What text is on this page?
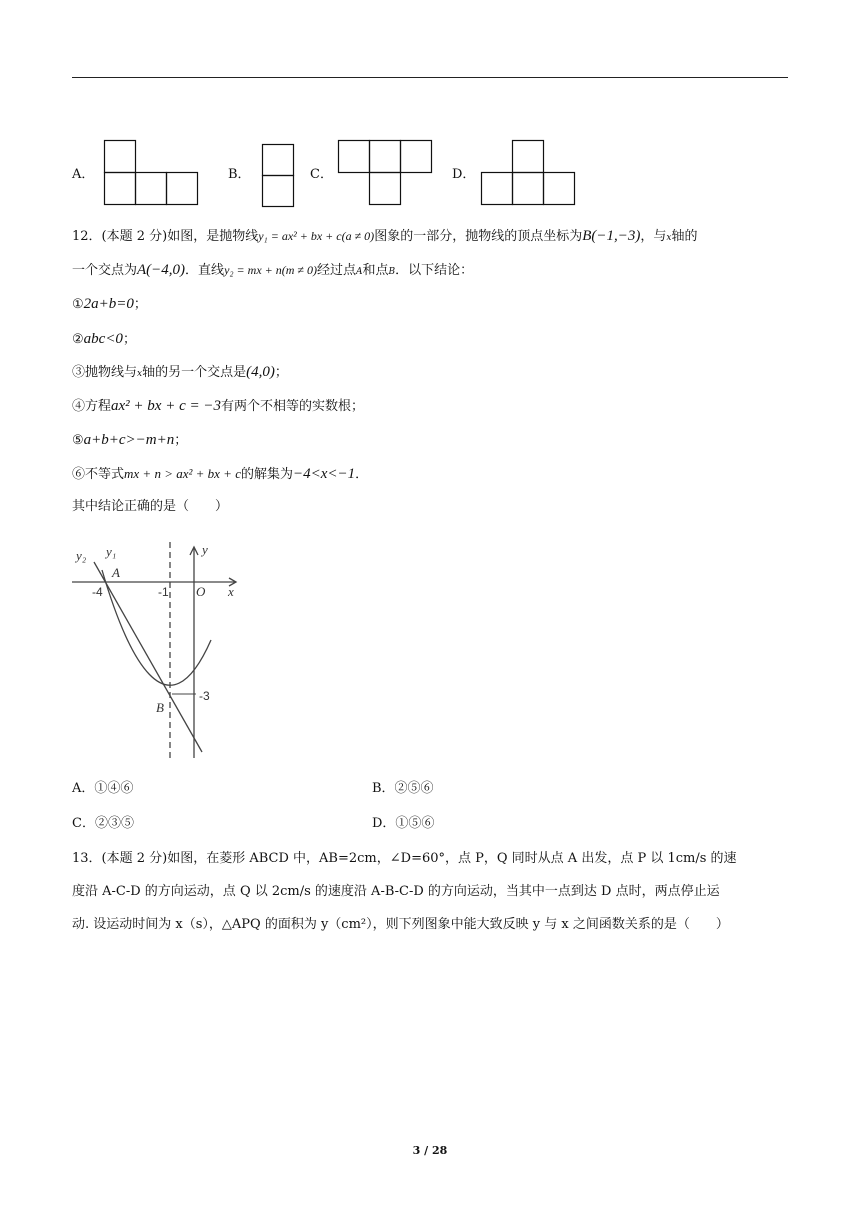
A．	B．	C．	D．
12．(本题 2 分)如图，是抛物线y₁ = ax² + bx + c(a ≠ 0)图象的一部分，抛物线的顶点坐标为B(−1,−3)，与x轴的
一个交点为A(−4,0)．直线y₂ = mx + n(m ≠ 0)经过点A和点B．以下结论：
①2a+b=0；
②abc<0；
③抛物线与x轴的另一个交点是(4,0)；
④方程ax² + bx + c = −3有两个不相等的实数根；
⑤a+b+c>−m+n；
⑥不等式mx + n > ax² + bx + c的解集为−4<x<−1．
其中结论正确的是（　　）
y₂ y₁
A
y
O x
B
-4	-1
-3
A．①④⑥	B．②⑤⑥
C．②③⑤	D．①⑤⑥
13．(本题 2 分)如图，在菱形 ABCD 中，AB=2cm，∠D=60°，点 P，Q 同时从点 A 出发，点 P 以 1cm/s 的速
度沿 A-C-D 的方向运动，点 Q 以 2cm/s 的速度沿 A-B-C-D 的方向运动，当其中一点到达 D 点时，两点停止运
动. 设运动时间为 x（s），△APQ 的面积为 y（cm²），则下列图象中能大致反映 y 与 x 之间函数关系的是（　　）
3 / 28
